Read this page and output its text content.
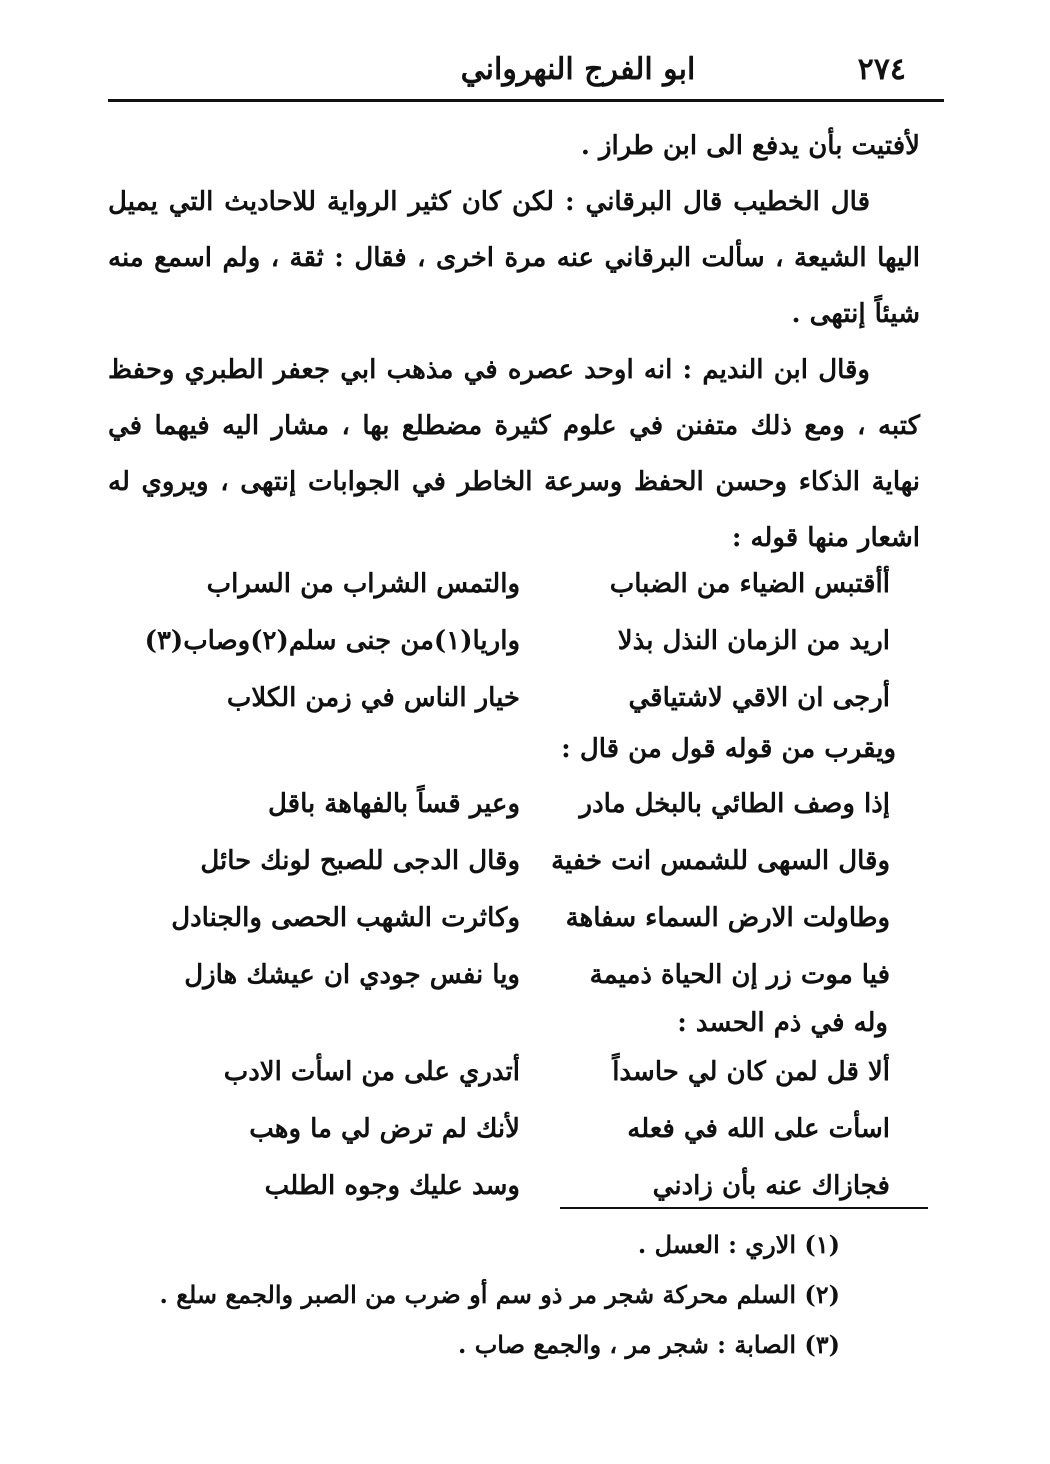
٢٧٤
ابو الفرج النهرواني

لأفتيت بأن يدفع الى ابن طراز .

قال الخطيب قال البرقاني : لكن كان كثير الرواية للاحاديث التي يميل اليها الشيعة ، سألت البرقاني عنه مرة اخرى ، فقال : ثقة ، ولم اسمع منه شيئاً إنتهى .

وقال ابن النديم : انه اوحد عصره في مذهب ابي جعفر الطبري وحفظ كتبه ، ومع ذلك متفنن في علوم كثيرة مضطلع بها ، مشار اليه فيهما في نهاية الذكاء وحسن الحفظ وسرعة الخاطر في الجوابات إنتهى ، ويروي له اشعار منها قوله :

أأقتبس الضياء من الضباب
والتمس الشراب من السراب
اريد من الزمان النذل بذلا
واريا(١)من جنى سلم(٢)وصاب(٣)
أرجى ان الاقي لاشتياقي
خيار الناس في زمن الكلاب
ويقرب من قوله قول من قال :
إذا وصف الطائي بالبخل مادر
وعير قساً بالفهاهة باقل
وقال السهى للشمس انت خفية
وقال الدجى للصبح لونك حائل
وطاولت الارض السماء سفاهة
وكاثرت الشهب الحصى والجنادل
فيا موت زر إن الحياة ذميمة
ويا نفس جودي ان عيشك هازل
وله في ذم الحسد :
ألا قل لمن كان لي حاسداً
أتدري على من اسأت الادب
اسأت على الله في فعله
لأنك لم ترض لي ما وهب
فجازاك عنه بأن زادني
وسد عليك وجوه الطلب

(١) الاري : العسل .

(٢) السلم محركة شجر مر ذو سم أو ضرب من الصبر والجمع سلع .

(٣) الصابة : شجر مر ، والجمع صاب .
